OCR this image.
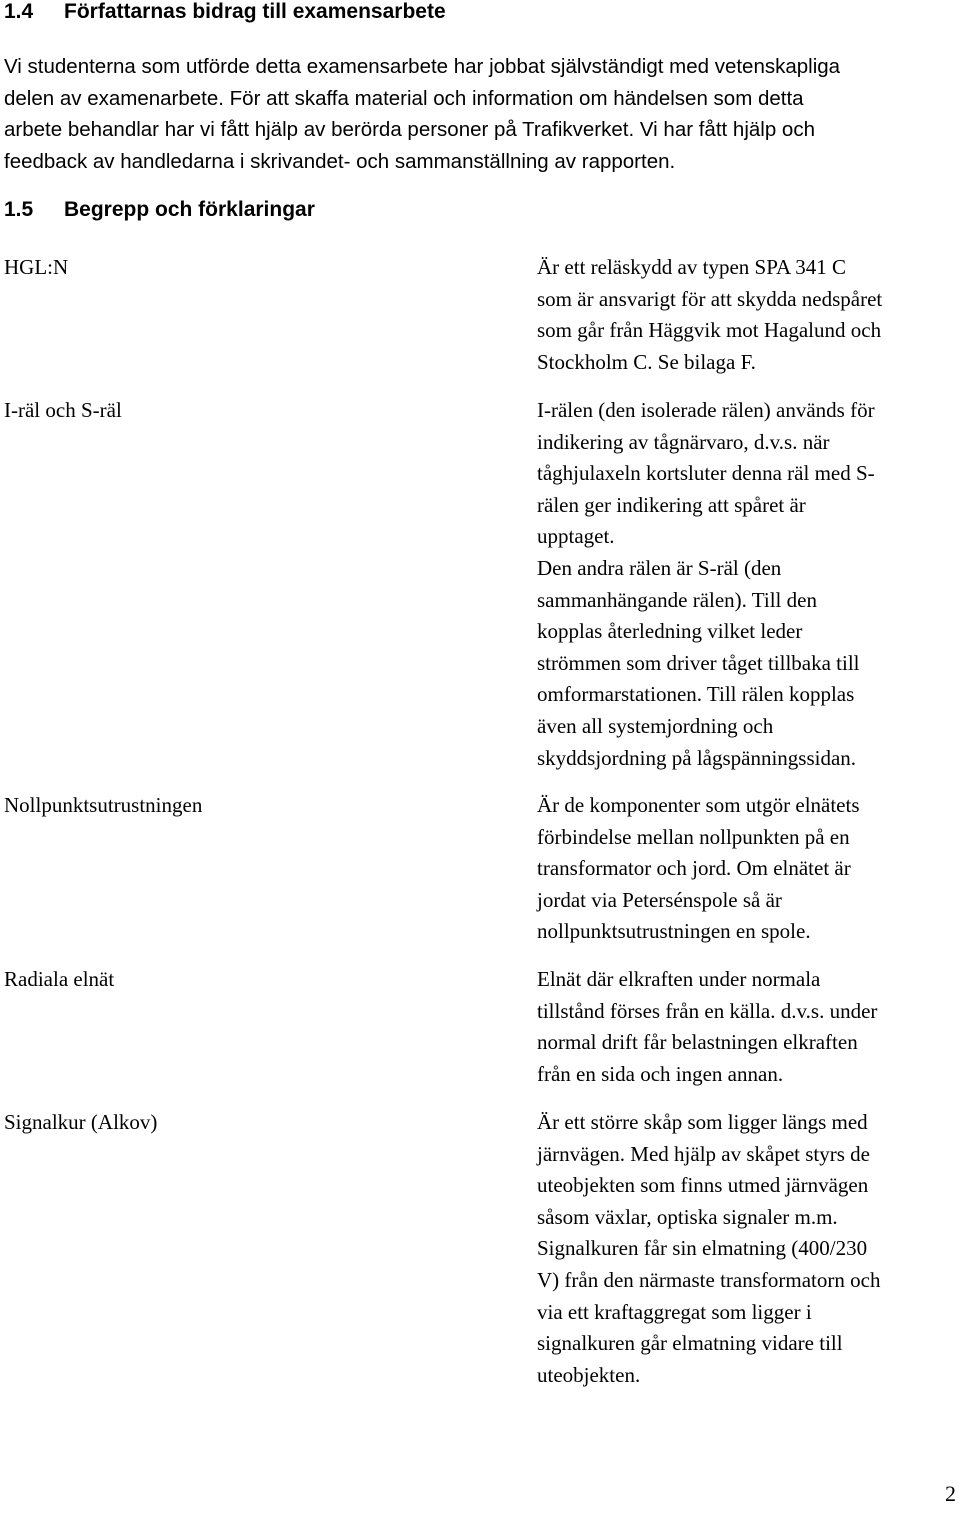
1.4 Författarnas bidrag till examensarbete

Vi studenterna som utförde detta examensarbete har jobbat självständigt med vetenskapliga
delen av examenarbete. För att skaffa material och information om händelsen som detta
arbete behandlar har vi fått hjälp av berörda personer på Trafikverket. Vi har fått hjälp och
feedback av handledarna i skrivandet- och sammanställning av rapporten.

1.5 Begrepp och förklaringar

HGL:N	Är ett reläskydd av typen SPA 341 C
som är ansvarigt för att skydda nedspåret
som går från Häggvik mot Hagalund och
Stockholm C. Se bilaga F.

I-räl och S-räl	I-rälen (den isolerade rälen) används för
indikering av tågnärvaro, d.v.s. när
tåghjulaxeln kortsluter denna räl med S-
rälen ger indikering att spåret är
upptaget.
Den andra rälen är S-räl (den
sammanhängande rälen). Till den
kopplas återledning vilket leder
strömmen som driver tåget tillbaka till
omformarstationen. Till rälen kopplas
även all systemjordning och
skyddsjordning på lågspänningssidan.

Nollpunktsutrustningen	Är de komponenter som utgör elnätets
förbindelse mellan nollpunkten på en
transformator och jord. Om elnätet är
jordat via Petersénspole så är
nollpunktsutrustningen en spole.

Radiala elnät	Elnät där elkraften under normala
tillstånd förses från en källa. d.v.s. under
normal drift får belastningen elkraften
från en sida och ingen annan.

Signalkur (Alkov)	Är ett större skåp som ligger längs med
järnvägen. Med hjälp av skåpet styrs de
uteobjekten som finns utmed järnvägen
såsom växlar, optiska signaler m.m.
Signalkuren får sin elmatning (400/230
V) från den närmaste transformatorn och
via ett kraftaggregat som ligger i
signalkuren går elmatning vidare till
uteobjekten.

2
